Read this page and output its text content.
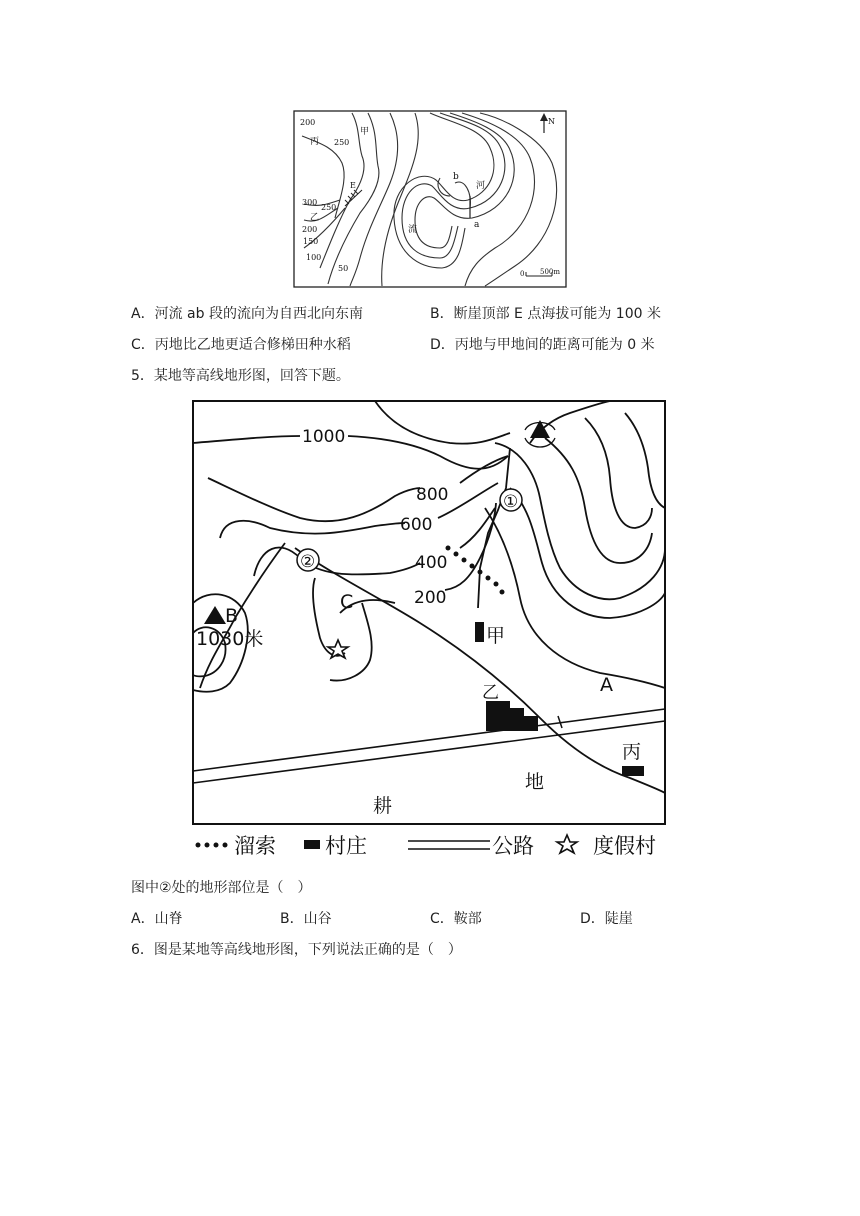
200
丙 250
甲
N
b
河
E
300
250
乙
200
150
流	a
100
50
0 500m
A．河流 ab 段的流向为自西北向东南	B．断崖顶部 E 点海拔可能为 100 米
C．丙地比乙地更适合修梯田种水稻	D．丙地与甲地间的距离可能为 0 米
5．某地等高线地形图，回答下题。
1000
800
600
400
200
①
②
C
B
1030米	甲
乙
丙
A
耕
地
溜索 村庄	公路	度假村
图中②处的地形部位是（　）
A．山脊	B．山谷	C．鞍部	D．陡崖
6．图是某地等高线地形图，下列说法正确的是（　）
